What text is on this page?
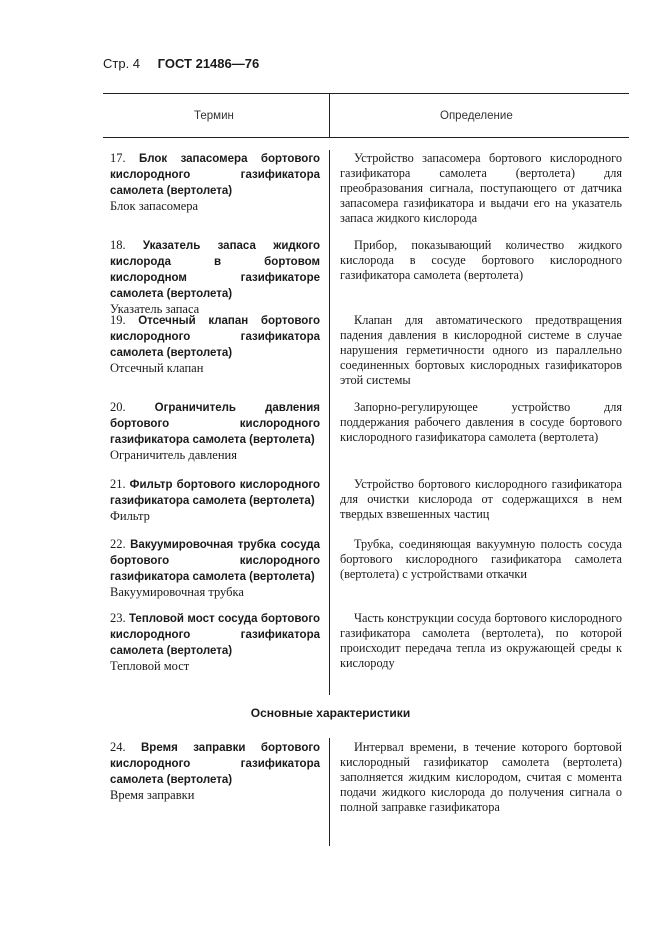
Стр. 4 ГОСТ 21486—76
Термин	Определение
17. Блок запасомера бортового кислородного газификатора самолета (вертолета)
Блок запасомера
Устройство запасомера бортового кислородного газификатора самолета (вертолета) для преобразования сигнала, поступающего от датчика запасомера газификатора и выдачи его на указатель запаса жидкого кислорода
18. Указатель запаса жидкого кислорода в бортовом кислородном газификаторе самолета (вертолета)
Указатель запаса
Прибор, показывающий количество жидкого кислорода в сосуде бортового кислородного газификатора самолета (вертолета)
19. Отсечный клапан бортового кислородного газификатора самолета (вертолета)
Отсечный клапан
Клапан для автоматического предотвращения падения давления в кислородной системе в случае нарушения герметичности одного из параллельно соединенных бортовых кислородных газификаторов этой системы
20.	Ограничитель давления бортового кислородного газификатора самолета (вертолета)
Ограничитель давления
Запорно-регулирующее устройство для поддержания рабочего давления в сосуде бортового кислородного газификатора самолета (вертолета)
21. Фильтр бортового кислородного газификатора самолета (вертолета)
Фильтр
Устройство бортового кислородного газификатора для очистки кислорода от содержащихся в нем твердых взвешенных частиц
22. Вакуумировочная трубка сосуда бортового кислородного газификатора самолета (вертолета)
Вакуумировочная трубка
Трубка, соединяющая вакуумную полость сосуда бортового кислородного газификатора самолета (вертолета) с устройствами откачки
23. Тепловой мост сосуда бортового кислородного газификатора самолета (вертолета)
Тепловой мост
Часть конструкции сосуда бортового кислородного газификатора самолета (вертолета), по которой происходит передача тепла из окружающей среды к кислороду
Основные характеристики
24. Время заправки бортового кислородного газификатора самолета (вертолета)
Время заправки
Интервал времени, в течение которого бортовой кислородный газификатор самолета (вертолета) заполняется жидким кислородом, считая с момента подачи жидкого кислорода до получения сигнала о полной заправке газификатора
